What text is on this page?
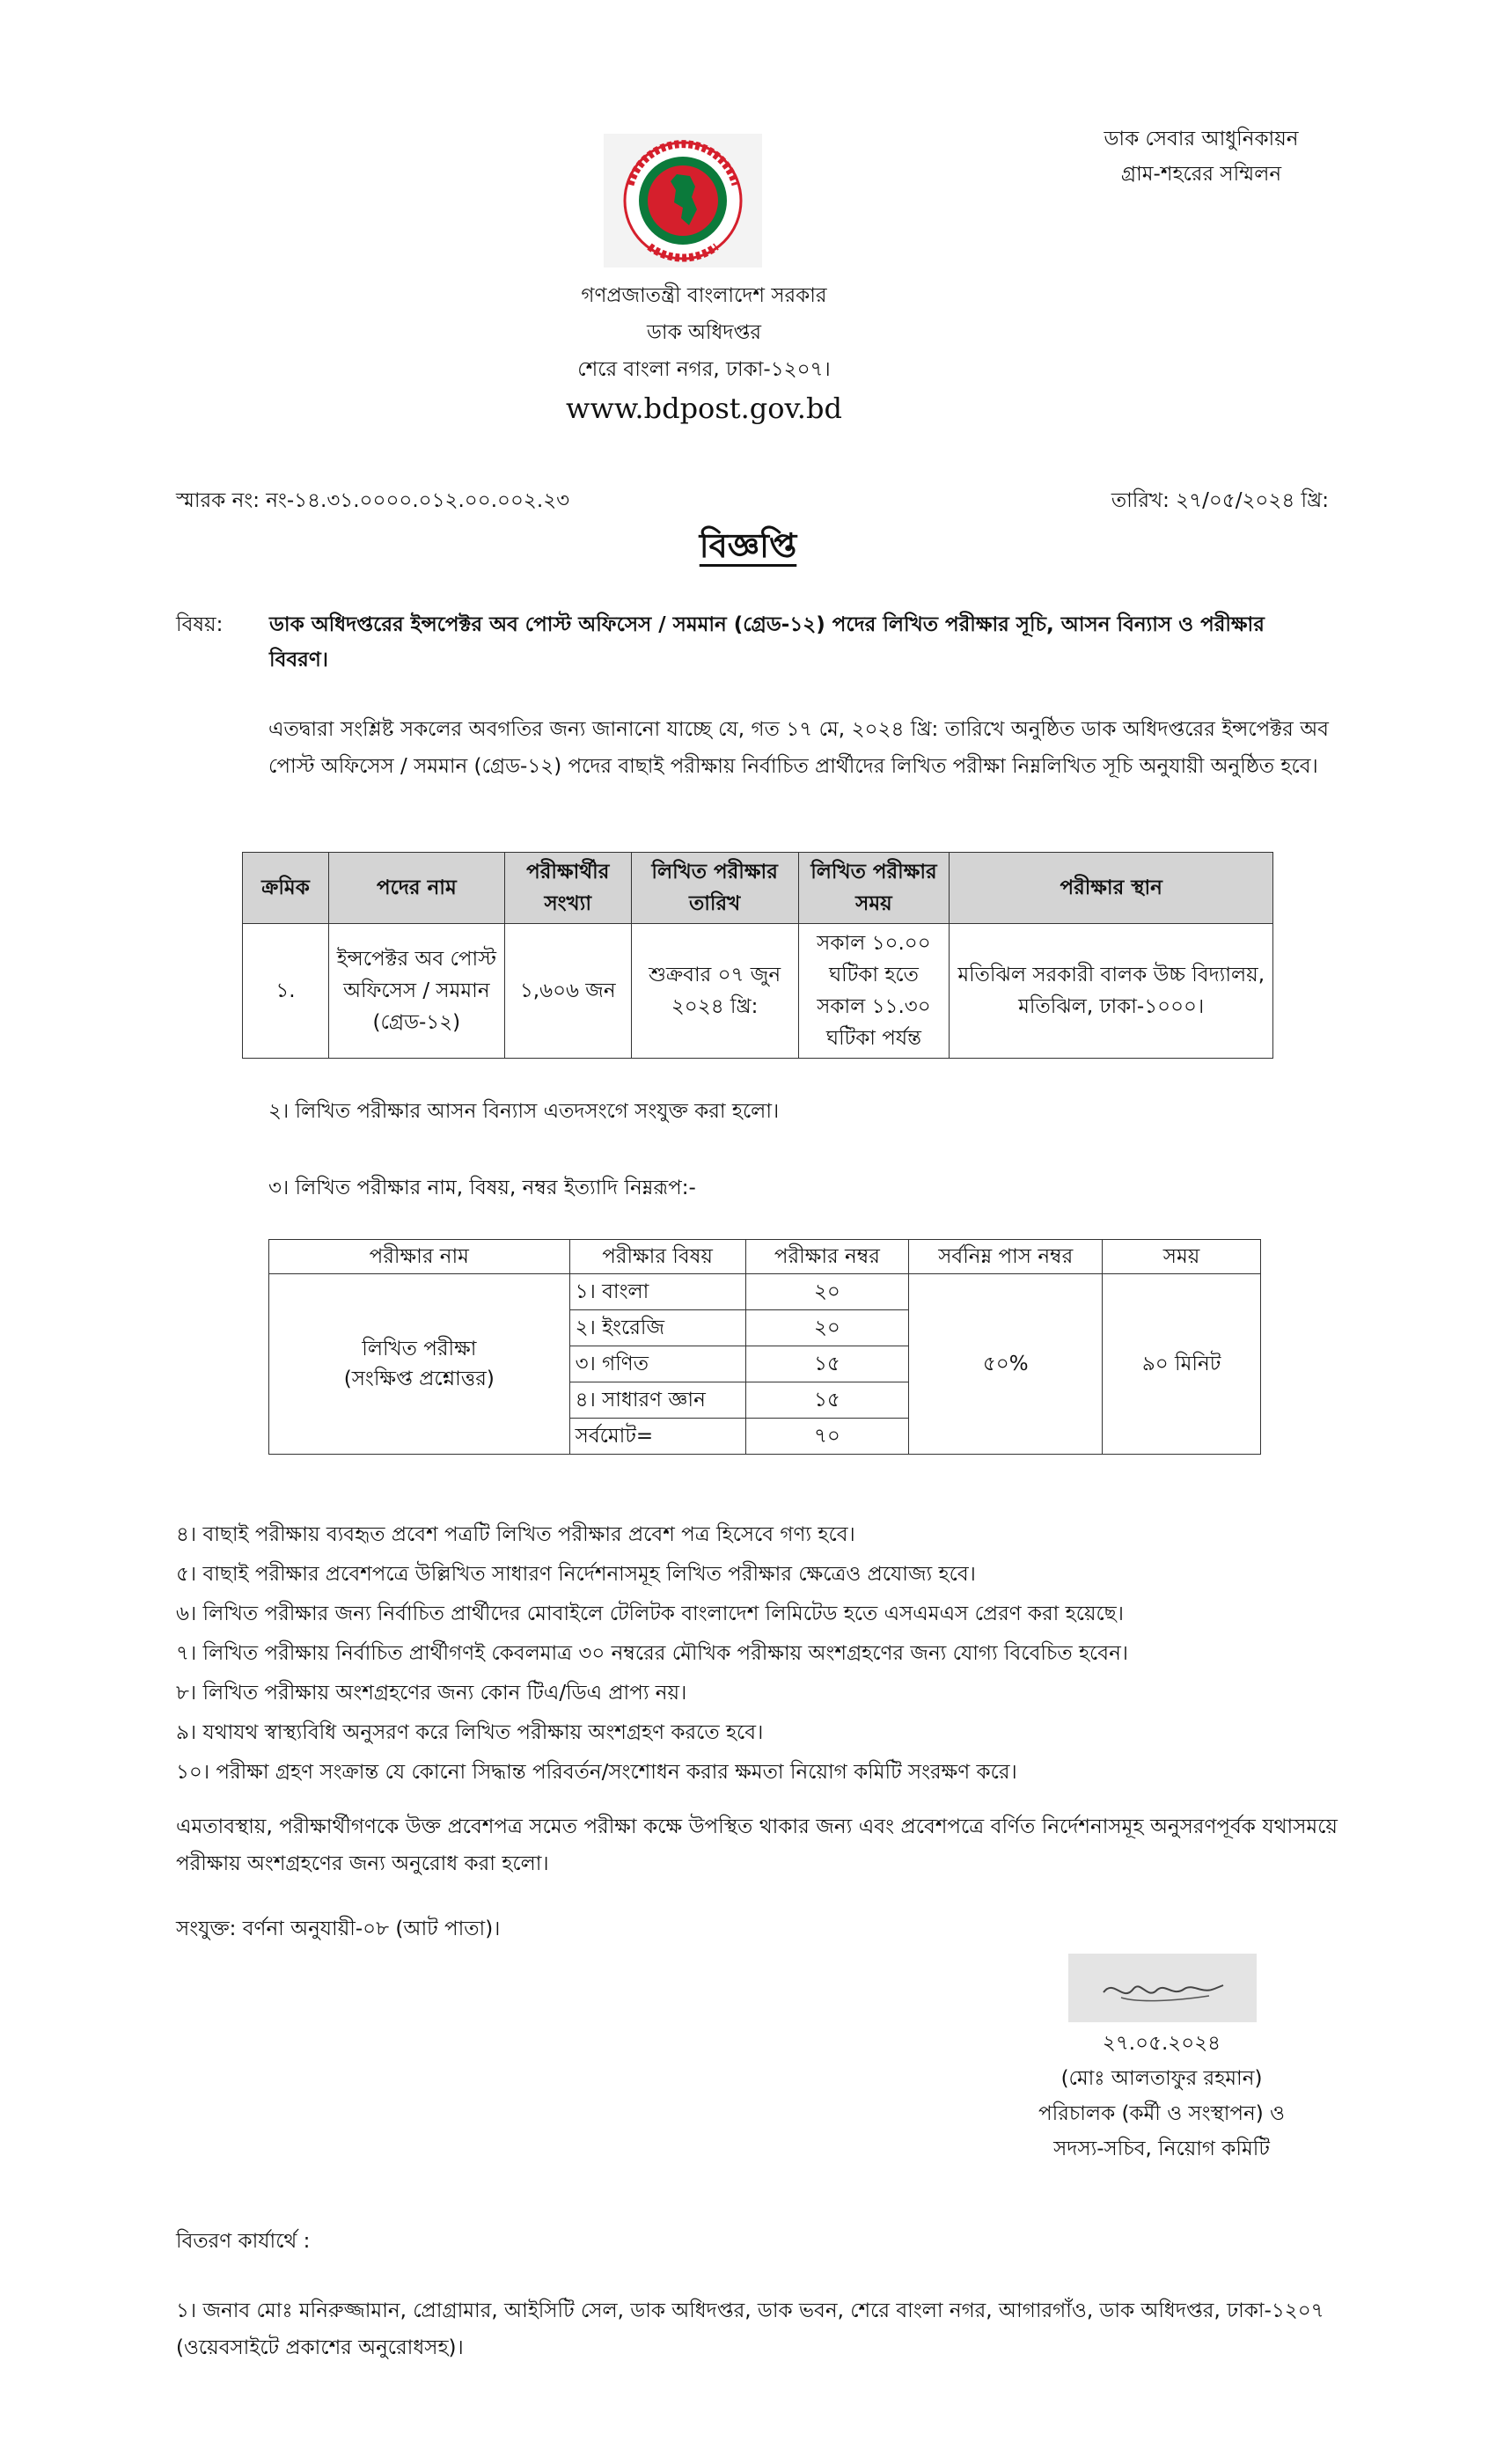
ডাক সেবার আধুনিকায়ন
গ্রাম-শহরের সম্মিলন
গণপ্রজাতন্ত্রী বাংলাদেশ সরকার
ডাক অধিদপ্তর
শেরে বাংলা নগর, ঢাকা-১২০৭।
www.bdpost.gov.bd
স্মারক নং: নং-১৪.৩১.০০০০.০১২.০০.০০২.২৩	তারিখ: ২৭/০৫/২০২৪ খ্রি:
বিজ্ঞপ্তি
বিষয়: ডাক অধিদপ্তরের ইন্সপেক্টর অব পোস্ট অফিসেস / সমমান (গ্রেড-১২) পদের লিখিত পরীক্ষার সূচি, আসন বিন্যাস ও পরীক্ষার বিবরণ।
এতদ্বারা সংশ্লিষ্ট সকলের অবগতির জন্য জানানো যাচ্ছে যে, গত ১৭ মে, ২০২৪ খ্রি: তারিখে অনুষ্ঠিত ডাক অধিদপ্তরের ইন্সপেক্টর অব পোস্ট অফিসেস / সমমান (গ্রেড-১২) পদের বাছাই পরীক্ষায় নির্বাচিত প্রার্থীদের লিখিত পরীক্ষা নিম্নলিখিত সূচি অনুযায়ী অনুষ্ঠিত হবে।
ক্রমিক	পদের নাম	পরীক্ষার্থীর সংখ্যা	লিখিত পরীক্ষার তারিখ	লিখিত পরীক্ষার সময়	পরীক্ষার স্থান
১.	ইন্সপেক্টর অব পোস্ট অফিসেস / সমমান (গ্রেড-১২)	১,৬০৬ জন	শুক্রবার ০৭ জুন ২০২৪ খ্রি:	সকাল ১০.০০ ঘটিকা হতে সকাল ১১.৩০ ঘটিকা পর্যন্ত	মতিঝিল সরকারী বালক উচ্চ বিদ্যালয়, মতিঝিল, ঢাকা-১০০০।
২। লিখিত পরীক্ষার আসন বিন্যাস এতদসংগে সংযুক্ত করা হলো।
৩। লিখিত পরীক্ষার নাম, বিষয়, নম্বর ইত্যাদি নিম্নরূপ:-
পরীক্ষার নাম	পরীক্ষার বিষয়	পরীক্ষার নম্বর	সর্বনিম্ন পাস নম্বর	সময়

লিখিত পরীক্ষা
(সংক্ষিপ্ত প্রশ্নোত্তর)	১। বাংলা	২০	৫০%	৯০ মিনিট
	২। ইংরেজি	২০		
	৩। গণিত	১৫		
	৪। সাধারণ জ্ঞান	১৫		
	সর্বমোট=	৭০		
৪। বাছাই পরীক্ষায় ব্যবহৃত প্রবেশ পত্রটি লিখিত পরীক্ষার প্রবেশ পত্র হিসেবে গণ্য হবে।
৫। বাছাই পরীক্ষার প্রবেশপত্রে উল্লিখিত সাধারণ নির্দেশনাসমূহ লিখিত পরীক্ষার ক্ষেত্রেও প্রযোজ্য হবে।
৬। লিখিত পরীক্ষার জন্য নির্বাচিত প্রার্থীদের মোবাইলে টেলিটক বাংলাদেশ লিমিটেড হতে এসএমএস প্রেরণ করা হয়েছে।
৭। লিখিত পরীক্ষায় নির্বাচিত প্রার্থীগণই কেবলমাত্র ৩০ নম্বরের মৌখিক পরীক্ষায় অংশগ্রহণের জন্য যোগ্য বিবেচিত হবেন।
৮। লিখিত পরীক্ষায় অংশগ্রহণের জন্য কোন টিএ/ডিএ প্রাপ্য নয়।
৯। যথাযথ স্বাস্থ্যবিধি অনুসরণ করে লিখিত পরীক্ষায় অংশগ্রহণ করতে হবে।
১০। পরীক্ষা গ্রহণ সংক্রান্ত যে কোনো সিদ্ধান্ত পরিবর্তন/সংশোধন করার ক্ষমতা নিয়োগ কমিটি সংরক্ষণ করে।
এমতাবস্থায়, পরীক্ষার্থীগণকে উক্ত প্রবেশপত্র সমেত পরীক্ষা কক্ষে উপস্থিত থাকার জন্য এবং প্রবেশপত্রে বর্ণিত নির্দেশনাসমূহ অনুসরণপূর্বক যথাসময়ে পরীক্ষায় অংশগ্রহণের জন্য অনুরোধ করা হলো।
সংযুক্ত: বর্ণনা অনুযায়ী-০৮ (আট পাতা)।
২৭.০৫.২০২৪
(মোঃ আলতাফুর রহমান)
পরিচালক (কর্মী ও সংস্থাপন) ও
সদস্য-সচিব, নিয়োগ কমিটি
বিতরণ কার্যার্থে :
১। জনাব মোঃ মনিরুজ্জামান, প্রোগ্রামার, আইসিটি সেল, ডাক অধিদপ্তর, ডাক ভবন, শেরে বাংলা নগর, আগারগাঁও, ডাক অধিদপ্তর, ঢাকা-১২০৭ (ওয়েবসাইটে প্রকাশের অনুরোধসহ)।
